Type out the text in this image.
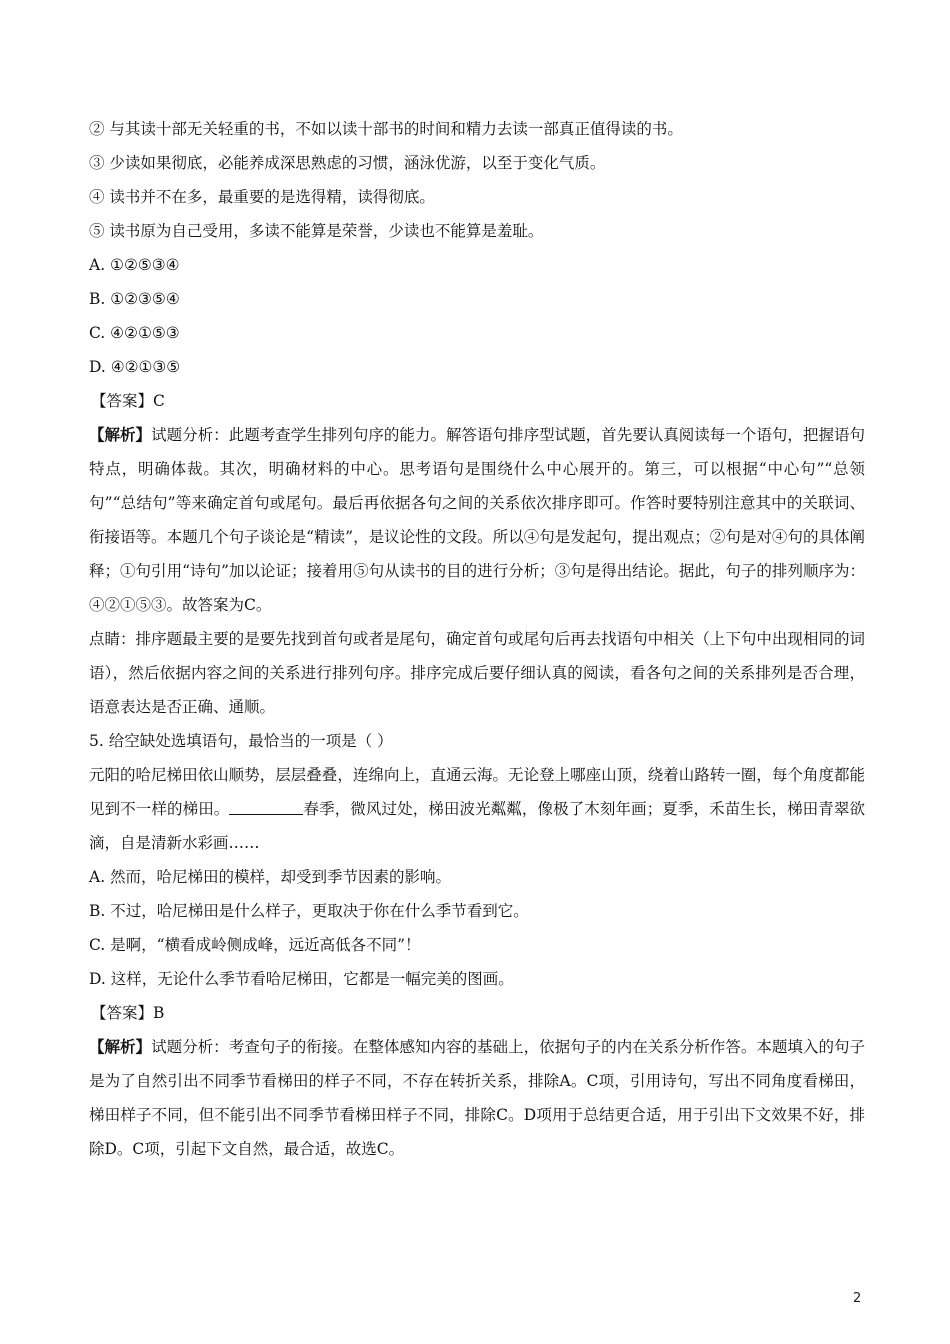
② 与其读十部无关轻重的书，不如以读十部书的时间和精力去读一部真正值得读的书。
③ 少读如果彻底，必能养成深思熟虑的习惯，涵泳优游，以至于变化气质。
④ 读书并不在多，最重要的是选得精，读得彻底。
⑤ 读书原为自己受用，多读不能算是荣誉，少读也不能算是羞耻。
A. ①②⑤③④
B. ①②③⑤④
C. ④②①⑤③
D. ④②①③⑤
【答案】C
【解析】试题分析：此题考查学生排列句序的能力。解答语句排序型试题，首先要认真阅读每一个语句，把握语句特点，明确体裁。其次，明确材料的中心。思考语句是围绕什么中心展开的。第三，可以根据“中心句”“总领句”“总结句”等来确定首句或尾句。最后再依据各句之间的关系依次排序即可。作答时要特别注意其中的关联词、衔接语等。本题几个句子谈论是“精读”，是议论性的文段。所以④句是发起句，提出观点；②句是对④句的具体阐释；①句引用“诗句”加以论证；接着用⑤句从读书的目的进行分析；③句是得出结论。据此，句子的排列顺序为：④②①⑤③。故答案为C。
点睛：排序题最主要的是要先找到首句或者是尾句，确定首句或尾句后再去找语句中相关（上下句中出现相同的词语），然后依据内容之间的关系进行排列句序。排序完成后要仔细认真的阅读，看各句之间的关系排列是否合理，语意表达是否正确、通顺。
5. 给空缺处选填语句，最恰当的一项是（ ）
元阳的哈尼梯田依山顺势，层层叠叠，连绵向上，直通云海。无论登上哪座山顶，绕着山路转一圈，每个角度都能见到不一样的梯田。	春季，微风过处，梯田波光粼粼，像极了木刻年画；夏季，禾苗生长，梯田青翠欲滴，自是清新水彩画……
A. 然而，哈尼梯田的模样，却受到季节因素的影响。
B. 不过，哈尼梯田是什么样子，更取决于你在什么季节看到它。
C. 是啊，“横看成岭侧成峰，远近高低各不同”！
D. 这样，无论什么季节看哈尼梯田，它都是一幅完美的图画。
【答案】B
【解析】试题分析：考查句子的衔接。在整体感知内容的基础上，依据句子的内在关系分析作答。本题填入的句子是为了自然引出不同季节看梯田的样子不同，不存在转折关系，排除A。C项，引用诗句，写出不同角度看梯田，梯田样子不同，但不能引出不同季节看梯田样子不同，排除C。D项用于总结更合适，用于引出下文效果不好，排除D。C项，引起下文自然，最合适，故选C。
2
